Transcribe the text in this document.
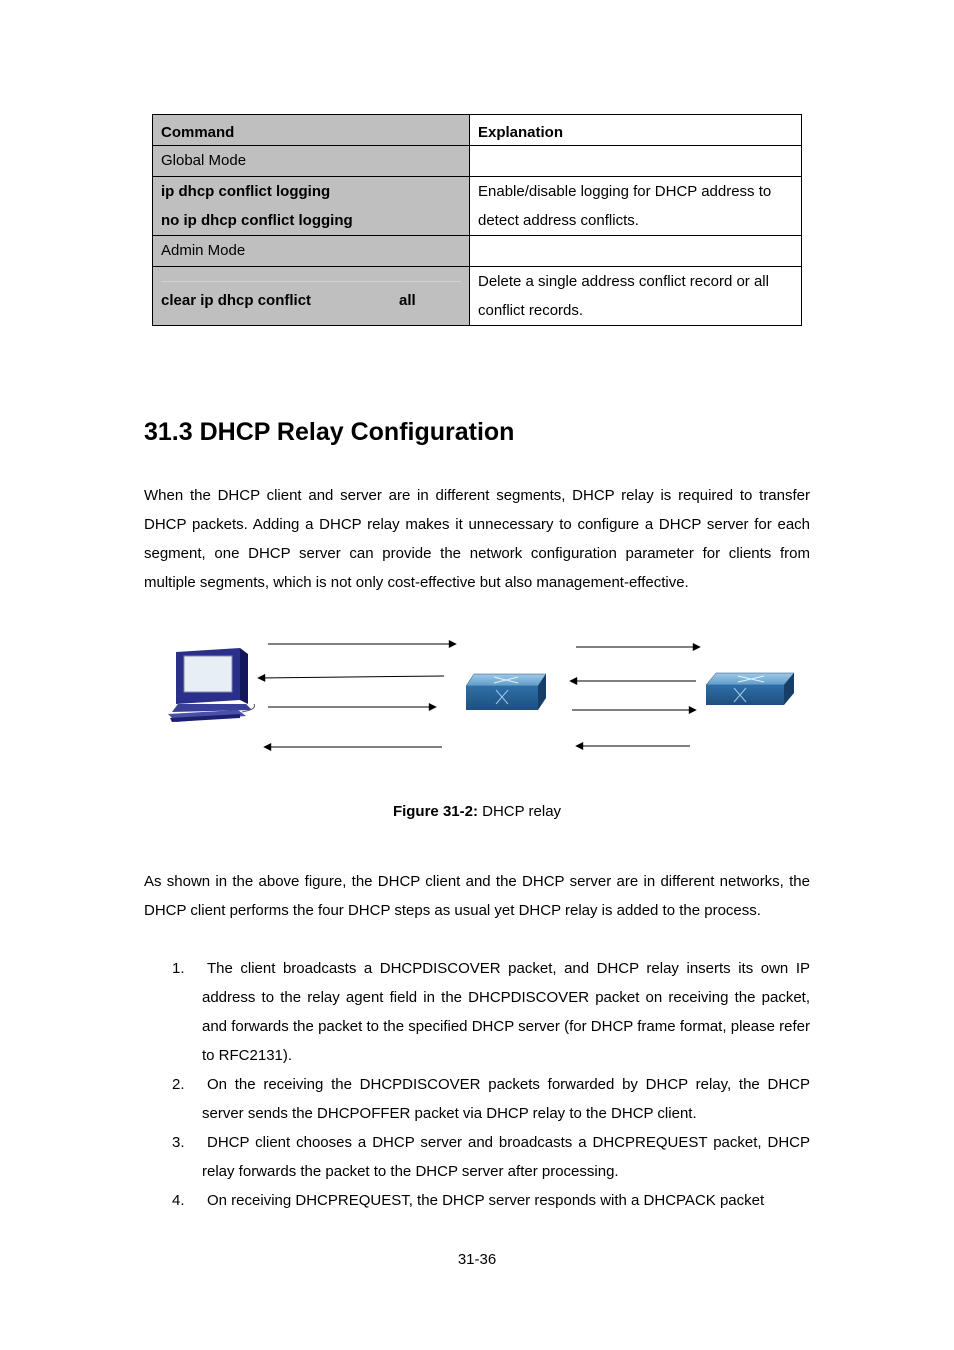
Command	Explanation
Global Mode	

ip dhcp conflict logging
no ip dhcp conflict logging	Enable/disable logging for DHCP address to detect address conflicts.
Admin Mode	

clear ip dhcp conflict all	Delete a single address conflict record or all conflict records.
31.3 DHCP Relay Configuration

When the DHCP client and server are in different segments, DHCP relay is required to transfer DHCP packets. Adding a DHCP relay makes it unnecessary to configure a DHCP server for each segment, one DHCP server can provide the network configuration parameter for clients from multiple segments, which is not only cost-effective but also management-effective.

Figure 31-2: DHCP relay

As shown in the above figure, the DHCP client and the DHCP server are in different networks, the DHCP client performs the four DHCP steps as usual yet DHCP relay is added to the process.

1.	The client broadcasts a DHCPDISCOVER packet, and DHCP relay inserts its own IP address to the relay agent field in the DHCPDISCOVER packet on receiving the packet, and forwards the packet to the specified DHCP server (for DHCP frame format, please refer to RFC2131).
2.	On the receiving the DHCPDISCOVER packets forwarded by DHCP relay, the DHCP server sends the DHCPOFFER packet via DHCP relay to the DHCP client.
3.	DHCP client chooses a DHCP server and broadcasts a DHCPREQUEST packet, DHCP relay forwards the packet to the DHCP server after processing.
4.	On receiving DHCPREQUEST, the DHCP server responds with a DHCPACK packet
31-36
